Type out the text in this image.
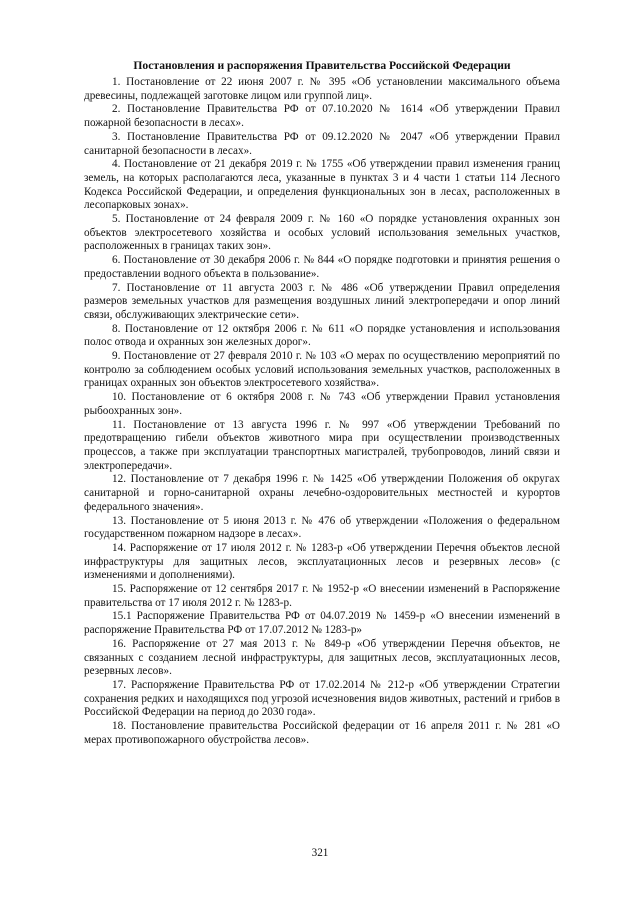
Постановления и распоряжения Правительства Российской Федерации

1. Постановление от 22 июня 2007 г. № 395 «Об установлении максимального объема древесины, подлежащей заготовке лицом или группой лиц».

2. Постановление Правительства РФ от 07.10.2020 № 1614 «Об утверждении Правил пожарной безопасности в лесах».

3. Постановление Правительства РФ от 09.12.2020 № 2047 «Об утверждении Правил санитарной безопасности в лесах».

4. Постановление от 21 декабря 2019 г. № 1755 «Об утверждении правил изменения границ земель, на которых располагаются леса, указанные в пунктах 3 и 4 части 1 статьи 114 Лесного Кодекса Российской Федерации, и определения функциональных зон в лесах, расположенных в лесопарковых зонах».

5. Постановление от 24 февраля 2009 г. № 160 «О порядке установления охранных зон объектов электросетевого хозяйства и особых условий использования земельных участков, расположенных в границах таких зон».

6. Постановление от 30 декабря 2006 г. № 844 «О порядке подготовки и принятия решения о предоставлении водного объекта в пользование».

7. Постановление от 11 августа 2003 г. № 486 «Об утверждении Правил определения размеров земельных участков для размещения воздушных линий электропередачи и опор линий связи, обслуживающих электрические сети».

8. Постановление от 12 октября 2006 г. № 611 «О порядке установления и использования полос отвода и охранных зон железных дорог».

9. Постановление от 27 февраля 2010 г. № 103 «О мерах по осуществлению мероприятий по контролю за соблюдением особых условий использования земельных участков, расположенных в границах охранных зон объектов электросетевого хозяйства».

10. Постановление от 6 октября 2008 г. № 743 «Об утверждении Правил установления рыбоохранных зон».

11. Постановление от 13 августа 1996 г. № 997 «Об утверждении Требований по предотвращению гибели объектов животного мира при осуществлении производственных процессов, а также при эксплуатации транспортных магистралей, трубопроводов, линий связи и электропередачи».

12. Постановление от 7 декабря 1996 г. № 1425 «Об утверждении Положения об округах санитарной и горно-санитарной охраны лечебно-оздоровительных местностей и курортов федерального значения».

13. Постановление от 5 июня 2013 г. № 476 об утверждении «Положения о федеральном государственном пожарном надзоре в лесах».

14. Распоряжение от 17 июля 2012 г. № 1283-р «Об утверждении Перечня объектов лесной инфраструктуры для защитных лесов, эксплуатационных лесов и резервных лесов» (с изменениями и дополнениями).

15. Распоряжение от 12 сентября 2017 г. № 1952-р «О внесении изменений в Распоряжение правительства от 17 июля 2012 г. № 1283-р.

15.1 Распоряжение Правительства РФ от 04.07.2019 № 1459-р «О внесении изменений в распоряжение Правительства РФ от 17.07.2012 № 1283-р»

16. Распоряжение от 27 мая 2013 г. № 849-р «Об утверждении Перечня объектов, не связанных с созданием лесной инфраструктуры, для защитных лесов, эксплуатационных лесов, резервных лесов».

17. Распоряжение Правительства РФ от 17.02.2014 № 212-р «Об утверждении Стратегии сохранения редких и находящихся под угрозой исчезновения видов животных, растений и грибов в Российской Федерации на период до 2030 года».

18. Постановление правительства Российской федерации от 16 апреля 2011 г. № 281 «О мерах противопожарного обустройства лесов».

321
